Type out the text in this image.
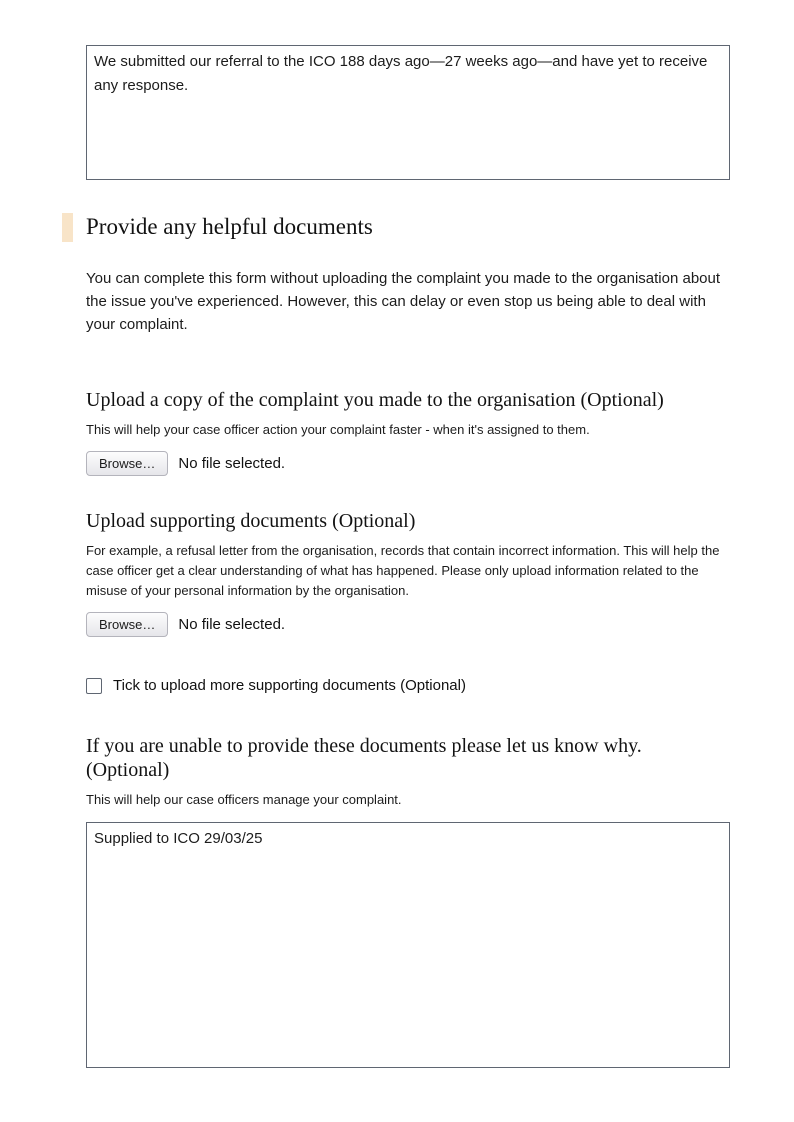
We submitted our referral to the ICO 188 days ago—27 weeks ago—and have yet to receive any response.
Provide any helpful documents

You can complete this form without uploading the complaint you made to the organisation about the issue you've experienced. However, this can delay or even stop us being able to deal with your complaint.

Upload a copy of the complaint you made to the organisation (Optional)

This will help your case officer action your complaint faster - when it's assigned to them.

Browse…	No file selected.
Upload supporting documents (Optional)

For example, a refusal letter from the organisation, records that contain incorrect information. This will help the case officer get a clear understanding of what has happened. Please only upload information related to the misuse of your personal information by the organisation.

Browse…	No file selected.
Tick to upload more supporting documents (Optional)
If you are unable to provide these documents please let us know why. (Optional)

This will help our case officers manage your complaint.

Supplied to ICO 29/03/25
